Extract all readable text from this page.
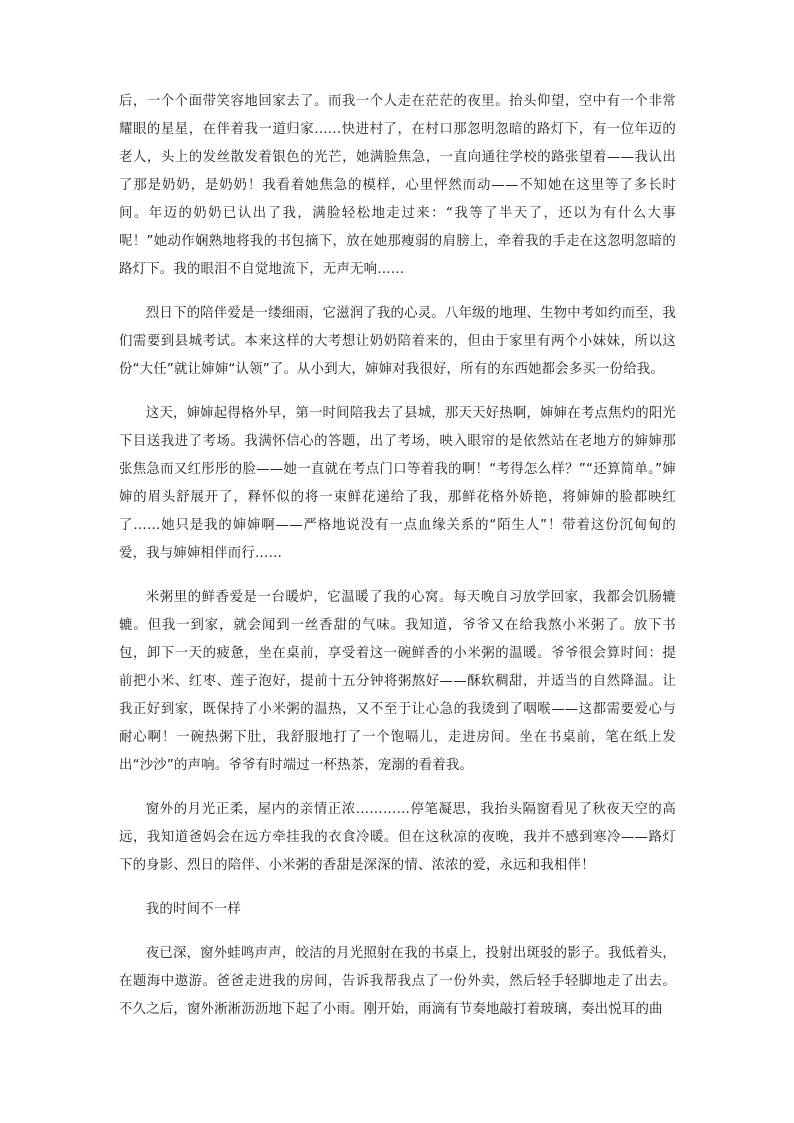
后，一个个面带笑容地回家去了。而我一个人走在茫茫的夜里。抬头仰望，空中有一个非常耀眼的星星，在伴着我一道归家……快进村了，在村口那忽明忽暗的路灯下，有一位年迈的老人，头上的发丝散发着银色的光芒，她满脸焦急，一直向通往学校的路张望着——我认出了那是奶奶，是奶奶！我看着她焦急的模样，心里怦然而动——不知她在这里等了多长时间。年迈的奶奶已认出了我，满脸轻松地走过来：“我等了半天了，还以为有什么大事呢！”她动作娴熟地将我的书包摘下，放在她那瘦弱的肩膀上，牵着我的手走在这忽明忽暗的路灯下。我的眼泪不自觉地流下，无声无响……

烈日下的陪伴爱是一缕细雨，它滋润了我的心灵。八年级的地理、生物中考如约而至，我们需要到县城考试。本来这样的大考想让奶奶陪着来的，但由于家里有两个小妹妹，所以这份“大任”就让婶婶“认领”了。从小到大，婶婶对我很好，所有的东西她都会多买一份给我。

这天，婶婶起得格外早，第一时间陪我去了县城，那天天好热啊，婶婶在考点焦灼的阳光下目送我进了考场。我满怀信心的答题，出了考场，映入眼帘的是依然站在老地方的婶婶那张焦急而又红彤彤的脸——她一直就在考点门口等着我的啊！“考得怎么样？”“还算简单。”婶婶的眉头舒展开了，释怀似的将一束鲜花递给了我，那鲜花格外娇艳，将婶婶的脸都映红了……她只是我的婶婶啊——严格地说没有一点血缘关系的“陌生人”！带着这份沉甸甸的爱，我与婶婶相伴而行……

米粥里的鲜香爱是一台暖炉，它温暖了我的心窝。每天晚自习放学回家，我都会饥肠辘辘。但我一到家，就会闻到一丝香甜的气味。我知道，爷爷又在给我熬小米粥了。放下书包，卸下一天的疲惫，坐在桌前，享受着这一碗鲜香的小米粥的温暖。爷爷很会算时间：提前把小米、红枣、莲子泡好，提前十五分钟将粥熬好——酥软稠甜，并适当的自然降温。让我正好到家，既保持了小米粥的温热，又不至于让心急的我烫到了咽喉——这都需要爱心与耐心啊！一碗热粥下肚，我舒服地打了一个饱嗝儿，走进房间。坐在书桌前，笔在纸上发出“沙沙”的声响。爷爷有时端过一杯热茶，宠溺的看着我。

窗外的月光正柔，屋内的亲情正浓…………停笔凝思，我抬头隔窗看见了秋夜天空的高远，我知道爸妈会在远方牵挂我的衣食冷暖。但在这秋凉的夜晚，我并不感到寒冷——路灯下的身影、烈日的陪伴、小米粥的香甜是深深的情、浓浓的爱，永远和我相伴！

我的时间不一样

夜已深，窗外蛙鸣声声，皎洁的月光照射在我的书桌上，投射出斑驳的影子。我低着头，在题海中遨游。爸爸走进我的房间，告诉我帮我点了一份外卖，然后轻手轻脚地走了出去。不久之后，窗外淅淅沥沥地下起了小雨。刚开始，雨滴有节奏地敲打着玻璃，奏出悦耳的曲
